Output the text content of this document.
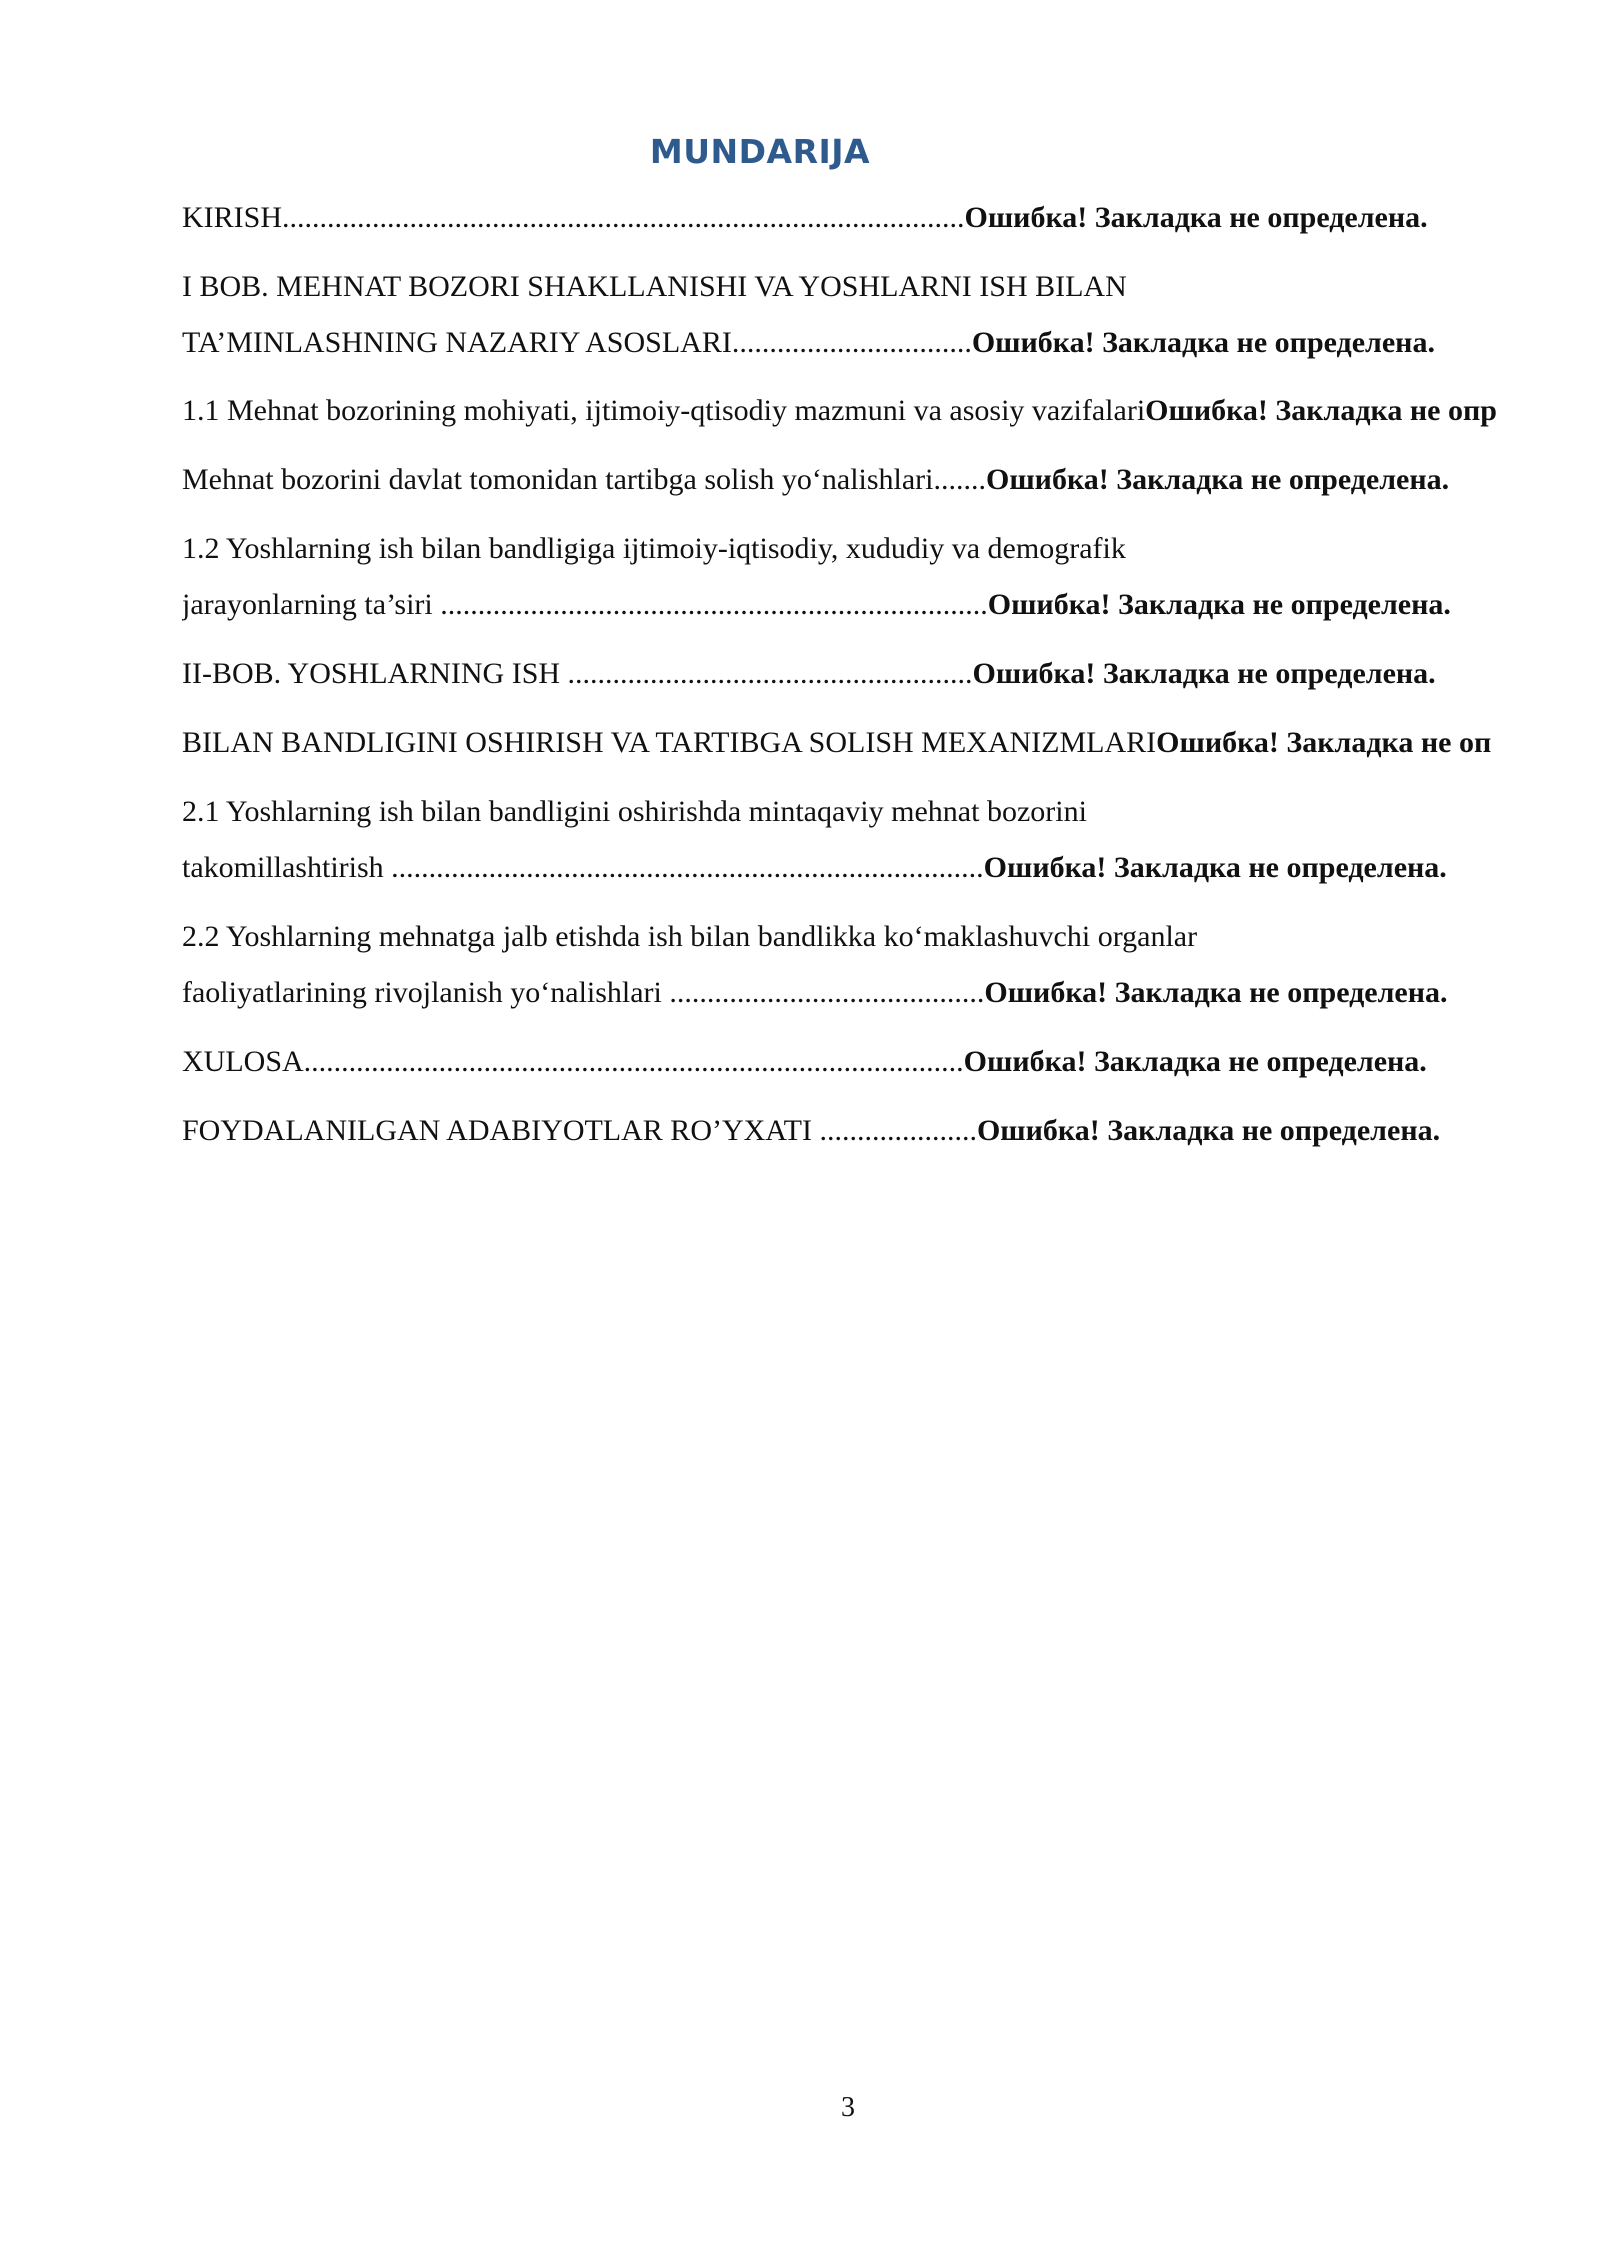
MUNDARIJA
KIRISH...........................................................................................Ошибка! Закладка не определена.
I BOB. MEHNAT BOZORI SHAKLLANISHI VA YOSHLARNI ISH BILAN
TA’MINLASHNING NAZARIY ASOSLARI................................Ошибка! Закладка не определена.
1.1 Mehnat bozorining mohiyati, ijtimoiy-qtisodiy mazmuni va asosiy vazifalariОшибка! Закладка не опр
Mehnat bozorini davlat tomonidan tartibga solish yo‘nalishlari.......Ошибка! Закладка не определена.
1.2 Yoshlarning ish bilan bandligiga ijtimoiy-iqtisodiy, xududiy va demografik
jarayonlarning ta’siri .........................................................................Ошибка! Закладка не определена.
II-BOB. YOSHLARNING ISH ......................................................Ошибка! Закладка не определена.
BILAN BANDLIGINI OSHIRISH VA TARTIBGA SOLISH MEXANIZMLARIОшибка! Закладка не оп
2.1 Yoshlarning ish bilan bandligini oshirishda mintaqaviy mehnat bozorini
takomillashtirish ...............................................................................Ошибка! Закладка не определена.
2.2 Yoshlarning mehnatga jalb etishda ish bilan bandlikka ko‘maklashuvchi organlar
faoliyatlarining rivojlanish yo‘nalishlari ..........................................Ошибка! Закладка не определена.
XULOSA........................................................................................Ошибка! Закладка не определена.
FOYDALANILGAN ADABIYOTLAR RO’YXATI .....................Ошибка! Закладка не определена.
3
